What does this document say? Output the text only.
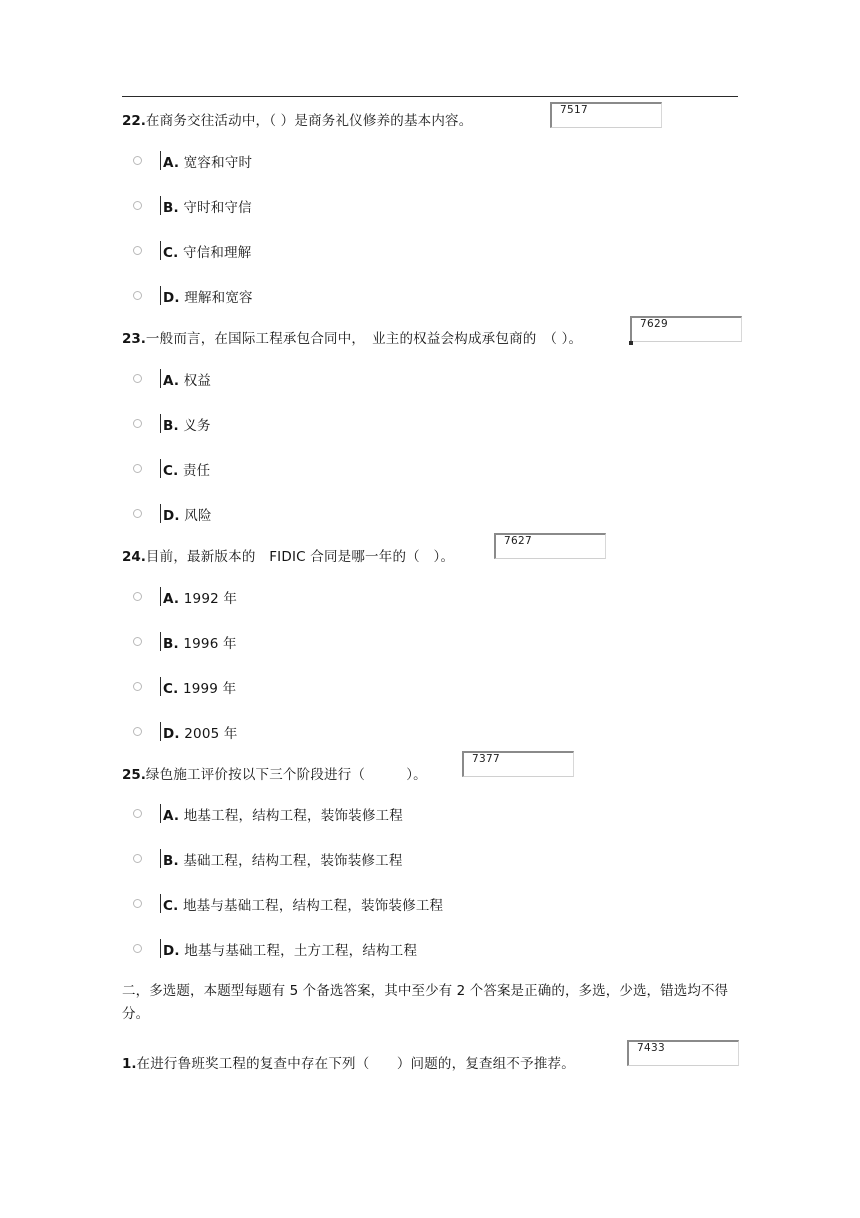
22.在商务交往活动中，（ ）是商务礼仪修养的基本内容。
7517
A. 宽容和守时
B. 守时和守信
C. 守信和理解
D. 理解和宽容
23.一般而言，在国际工程承包合同中，　业主的权益会构成承包商的　（ ）。
7629
A. 权益
B. 义务
C. 责任
D. 风险
24.目前，最新版本的　FIDIC 合同是哪一年的（　）。
7627
A. 1992 年
B. 1996 年
C. 1999 年
D. 2005 年
25.绿色施工评价按以下三个阶段进行（　　　）。
7377
A. 地基工程，结构工程，装饰装修工程
B. 基础工程，结构工程，装饰装修工程
C. 地基与基础工程，结构工程，装饰装修工程
D. 地基与基础工程，土方工程，结构工程
二，多选题，本题型每题有 5 个备选答案，其中至少有 2 个答案是正确的，多选，少选，错选均不得分。
1.在进行鲁班奖工程的复查中存在下列（　　）问题的，复查组不予推荐。
7433
